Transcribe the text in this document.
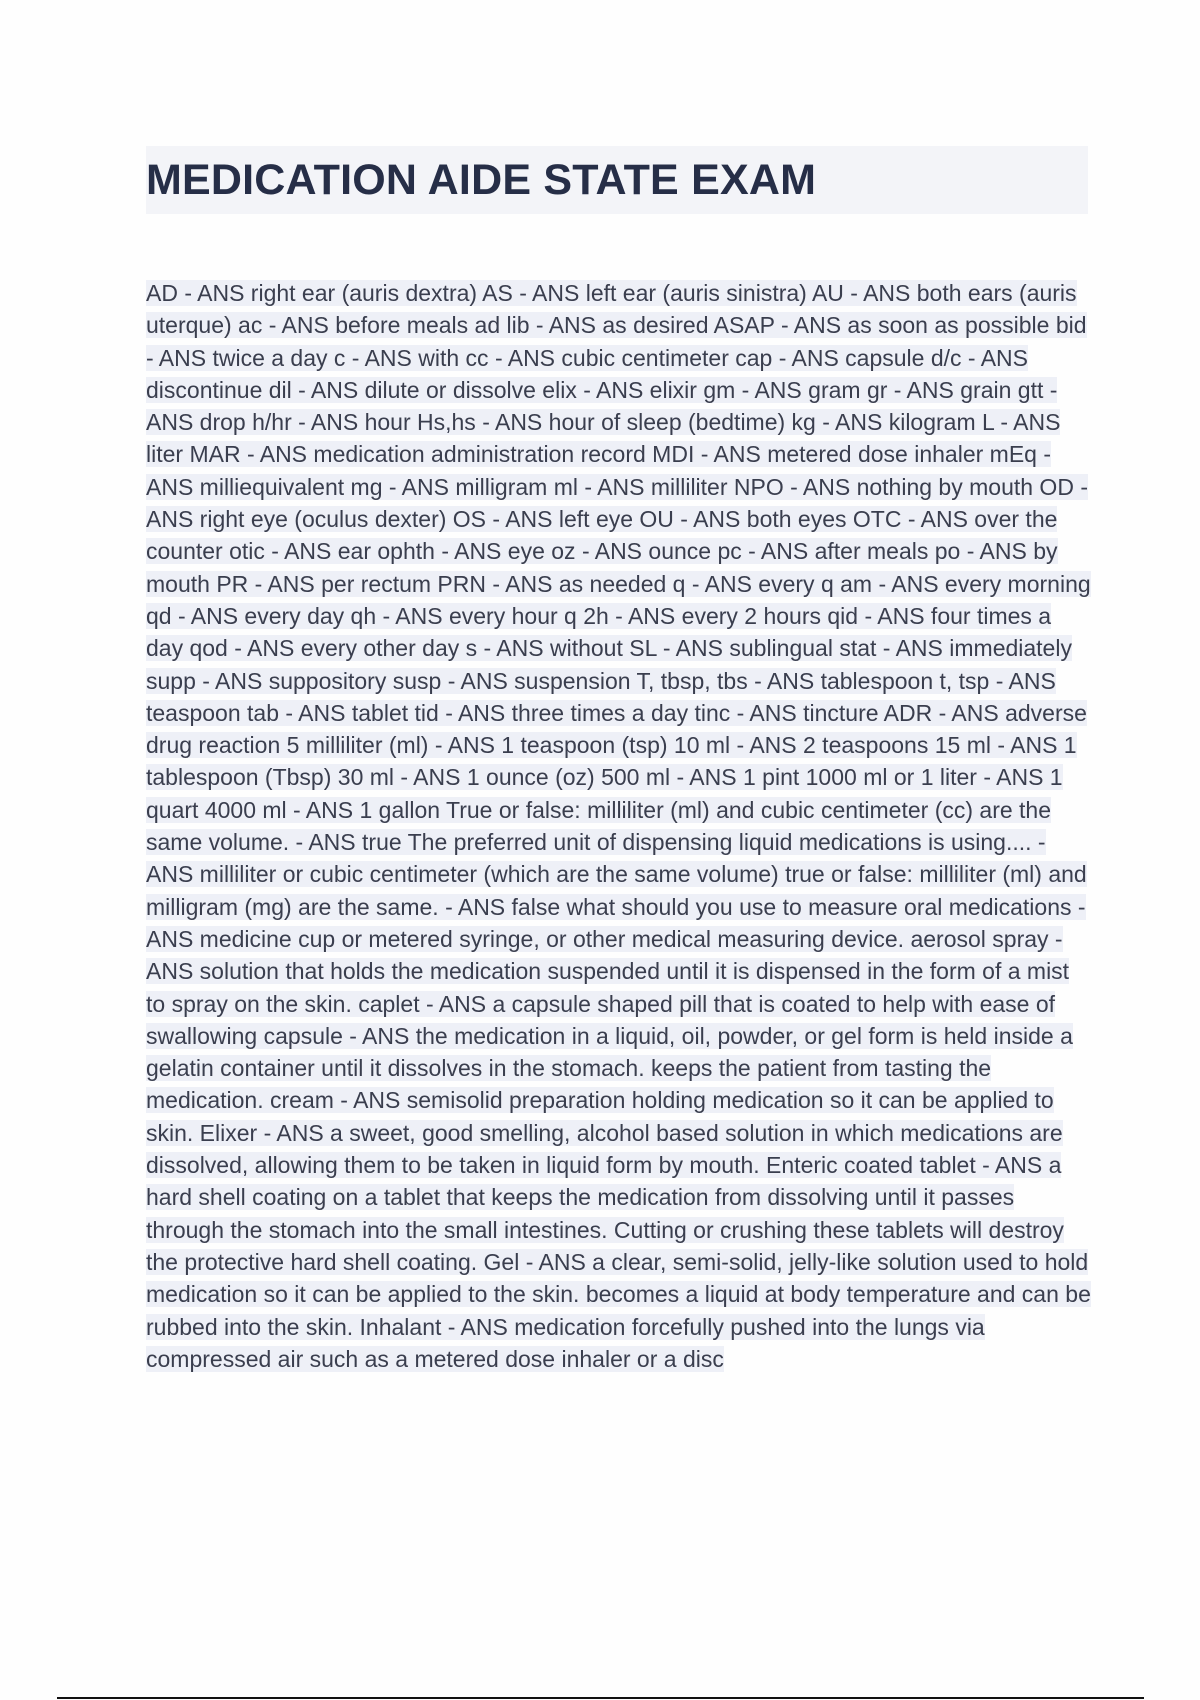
MEDICATION AIDE STATE EXAM

AD - ANS right ear (auris dextra) AS - ANS left ear (auris sinistra) AU - ANS both ears (auris uterque) ac - ANS before meals ad lib - ANS as desired ASAP - ANS as soon as possible bid - ANS twice a day c - ANS with cc - ANS cubic centimeter cap - ANS capsule d/c - ANS discontinue dil - ANS dilute or dissolve elix - ANS elixir gm - ANS gram gr - ANS grain gtt - ANS drop h/hr - ANS hour Hs,hs - ANS hour of sleep (bedtime) kg - ANS kilogram L - ANS liter MAR - ANS medication administration record MDI - ANS metered dose inhaler mEq - ANS milliequivalent mg - ANS milligram ml - ANS milliliter NPO - ANS nothing by mouth OD - ANS right eye (oculus dexter) OS - ANS left eye OU - ANS both eyes OTC - ANS over the counter otic - ANS ear ophth - ANS eye oz - ANS ounce pc - ANS after meals po - ANS by mouth PR - ANS per rectum PRN - ANS as needed q - ANS every q am - ANS every morning qd - ANS every day qh - ANS every hour q 2h - ANS every 2 hours qid - ANS four times a day qod - ANS every other day s - ANS without SL - ANS sublingual stat - ANS immediately supp - ANS suppository susp - ANS suspension T, tbsp, tbs - ANS tablespoon t, tsp - ANS teaspoon tab - ANS tablet tid - ANS three times a day tinc - ANS tincture ADR - ANS adverse drug reaction 5 milliliter (ml) - ANS 1 teaspoon (tsp) 10 ml - ANS 2 teaspoons 15 ml - ANS 1 tablespoon (Tbsp) 30 ml - ANS 1 ounce (oz) 500 ml - ANS 1 pint 1000 ml or 1 liter - ANS 1 quart 4000 ml - ANS 1 gallon True or false: milliliter (ml) and cubic centimeter (cc) are the same volume. - ANS true The preferred unit of dispensing liquid medications is using.... - ANS milliliter or cubic centimeter (which are the same volume) true or false: milliliter (ml) and milligram (mg) are the same. - ANS false what should you use to measure oral medications - ANS medicine cup or metered syringe, or other medical measuring device. aerosol spray - ANS solution that holds the medication suspended until it is dispensed in the form of a mist to spray on the skin. caplet - ANS a capsule shaped pill that is coated to help with ease of swallowing capsule - ANS the medication in a liquid, oil, powder, or gel form is held inside a gelatin container until it dissolves in the stomach. keeps the patient from tasting the medication. cream - ANS semisolid preparation holding medication so it can be applied to skin. Elixer - ANS a sweet, good smelling, alcohol based solution in which medications are dissolved, allowing them to be taken in liquid form by mouth. Enteric coated tablet - ANS a hard shell coating on a tablet that keeps the medication from dissolving until it passes through the stomach into the small intestines. Cutting or crushing these tablets will destroy the protective hard shell coating. Gel - ANS a clear, semi-solid, jelly-like solution used to hold medication so it can be applied to the skin. becomes a liquid at body temperature and can be rubbed into the skin. Inhalant - ANS medication forcefully pushed into the lungs via compressed air such as a metered dose inhaler or a disc
